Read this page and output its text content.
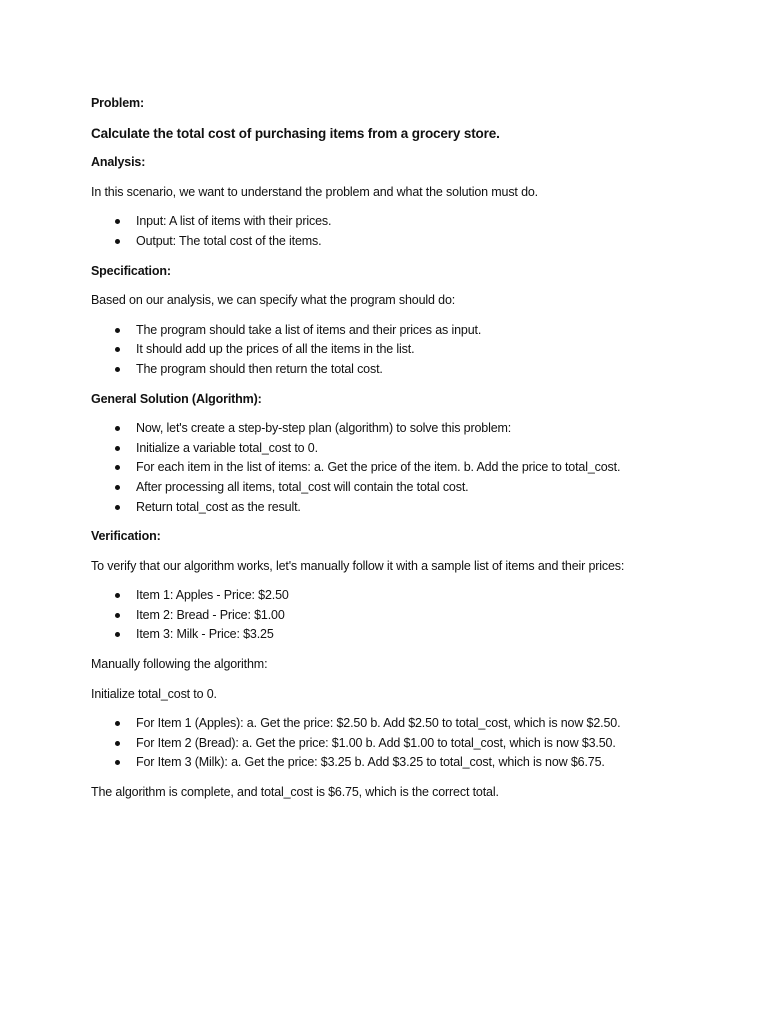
Problem:
Calculate the total cost of purchasing items from a grocery store.
Analysis:
In this scenario, we want to understand the problem and what the solution must do.
Input: A list of items with their prices.
Output: The total cost of the items.
Specification:
Based on our analysis, we can specify what the program should do:
The program should take a list of items and their prices as input.
It should add up the prices of all the items in the list.
The program should then return the total cost.
General Solution (Algorithm):
Now, let's create a step-by-step plan (algorithm) to solve this problem:
Initialize a variable total_cost to 0.
For each item in the list of items: a. Get the price of the item. b. Add the price to total_cost.
After processing all items, total_cost will contain the total cost.
Return total_cost as the result.
Verification:
To verify that our algorithm works, let's manually follow it with a sample list of items and their prices:
Item 1: Apples - Price: $2.50
Item 2: Bread - Price: $1.00
Item 3: Milk - Price: $3.25
Manually following the algorithm:
Initialize total_cost to 0.
For Item 1 (Apples): a. Get the price: $2.50 b. Add $2.50 to total_cost, which is now $2.50.
For Item 2 (Bread): a. Get the price: $1.00 b. Add $1.00 to total_cost, which is now $3.50.
For Item 3 (Milk): a. Get the price: $3.25 b. Add $3.25 to total_cost, which is now $6.75.
The algorithm is complete, and total_cost is $6.75, which is the correct total.
